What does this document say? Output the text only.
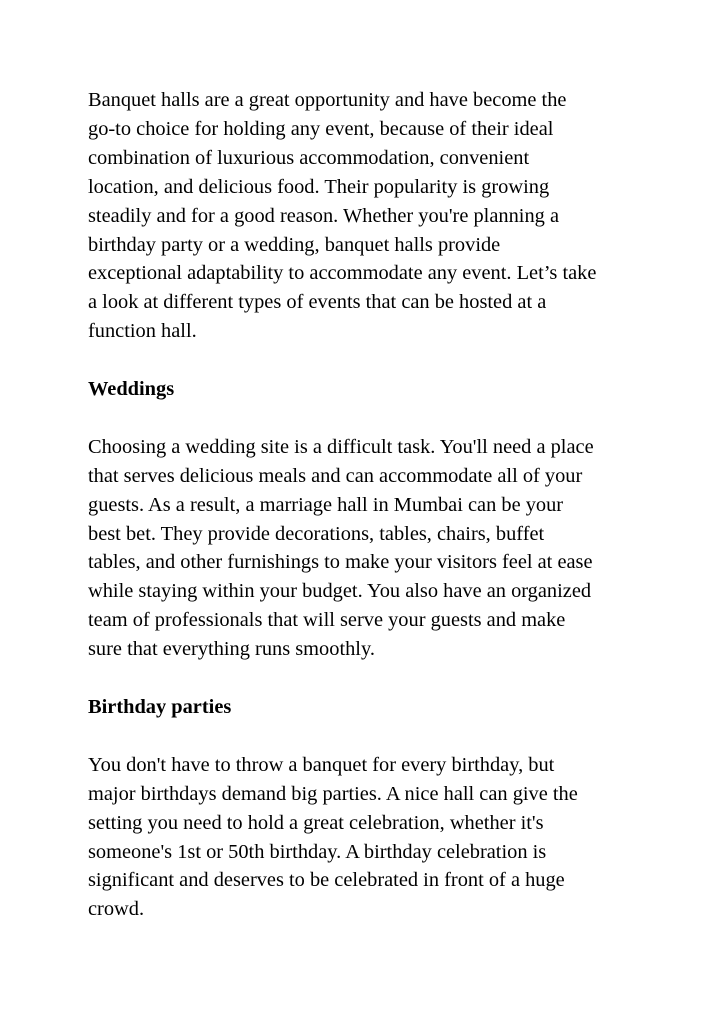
Banquet halls are a great opportunity and have become the
go-to choice for holding any event, because of their ideal
combination of luxurious accommodation, convenient
location, and delicious food. Their popularity is growing
steadily and for a good reason. Whether you're planning a
birthday party or a wedding, banquet halls provide
exceptional adaptability to accommodate any event. Let’s take
a look at different types of events that can be hosted at a
function hall.

Weddings

Choosing a wedding site is a difficult task. You'll need a place
that serves delicious meals and can accommodate all of your
guests. As a result, a marriage hall in Mumbai can be your
best bet. They provide decorations, tables, chairs, buffet
tables, and other furnishings to make your visitors feel at ease
while staying within your budget. You also have an organized
team of professionals that will serve your guests and make
sure that everything runs smoothly.

Birthday parties

You don't have to throw a banquet for every birthday, but
major birthdays demand big parties. A nice hall can give the
setting you need to hold a great celebration, whether it's
someone's 1st or 50th birthday. A birthday celebration is
significant and deserves to be celebrated in front of a huge
crowd.
